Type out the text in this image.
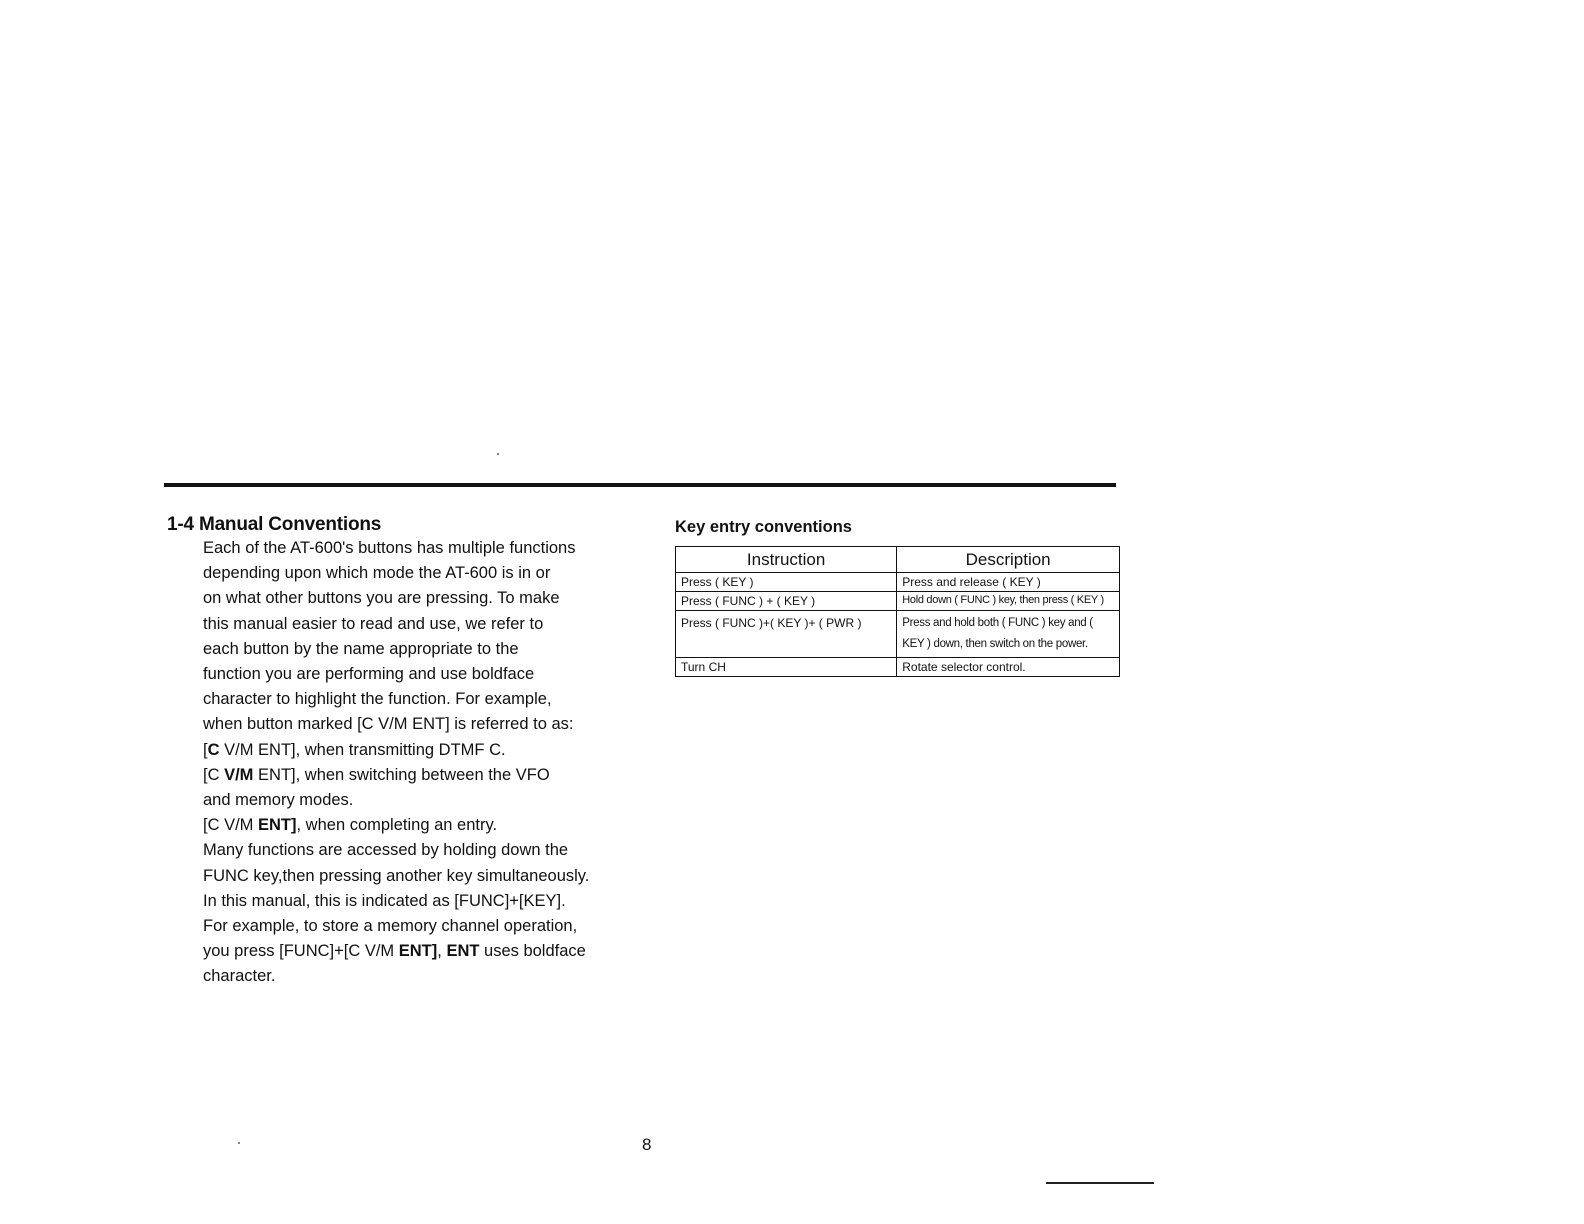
1-4 Manual Conventions
Each of the AT-600's buttons has multiple functions
depending upon which mode the AT-600 is in or
on what other buttons you are pressing. To make
this manual easier to read and use, we refer to
each button by the name appropriate to the
function you are performing and use boldface
character to highlight the function. For example,
when button marked [C V/M ENT] is referred to as:
[C V/M ENT], when transmitting DTMF C.
[C V/M ENT], when switching between the VFO
and memory modes.
[C V/M ENT], when completing an entry.
Many functions are accessed by holding down the
FUNC key,then pressing another key simultaneously.
In this manual, this is indicated as [FUNC]+[KEY].
For example, to store a memory channel operation,
you press [FUNC]+[C V/M ENT], ENT uses boldface
character.
Key entry conventions
Instruction	Description
Press ( KEY )	Press and release ( KEY )
Press ( FUNC ) + ( KEY )	Hold down ( FUNC ) key, then press ( KEY )
Press ( FUNC )+( KEY )+ ( PWR )	Press and hold both ( FUNC ) key and ( KEY ) down, then switch on the power.
Turn CH	Rotate selector control.
8
